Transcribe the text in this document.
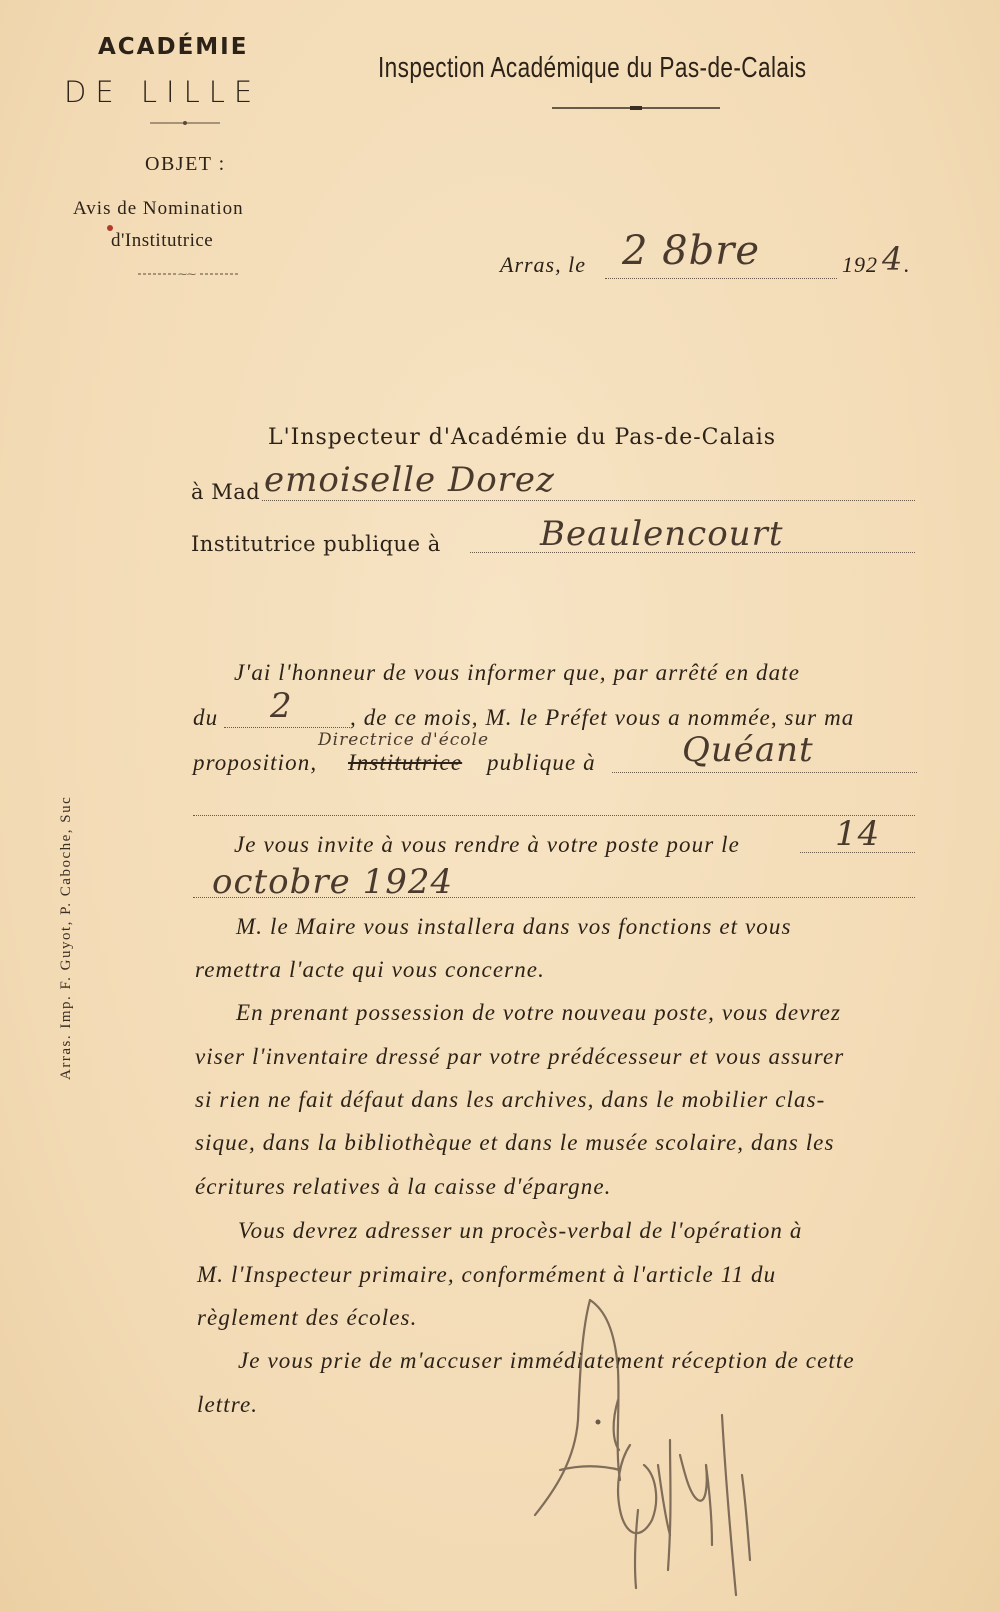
ACADÉMIE
DE LILLE
Inspection Académique du Pas-de-Calais
OBJET :
Avis de Nomination
d'Institutrice
⁓⁓	Arras, le 2 8bre	192 4 .
L'Inspecteur d'Académie du Pas-de-Calais
à Mad emoiselle Dorez
Institutrice publique à	Beaulencourt
J'ai l'honneur de vous informer que, par arrêté en date
du 2 , de ce mois, M. le Préfet vous a nommée, sur ma
Directrice d'école
proposition, Institutrice publique à	Quéant
Je vous invite à vous rendre à votre poste pour le	14
octobre 1924
M. le Maire vous installera dans vos fonctions et vous
remettra l'acte qui vous concerne.
En prenant possession de votre nouveau poste, vous devrez
viser l'inventaire dressé par votre prédécesseur et vous assurer
si rien ne fait défaut dans les archives, dans le mobilier clas-
sique, dans la bibliothèque et dans le musée scolaire, dans les
écritures relatives à la caisse d'épargne.
Vous devrez adresser un procès-verbal de l'opération à
M. l'Inspecteur primaire, conformément à l'article 11 du
règlement des écoles.
Je vous prie de m'accuser immédiatement réception de cette
lettre.
Arras. Imp. F. Guyot, P. Caboche, Suc
